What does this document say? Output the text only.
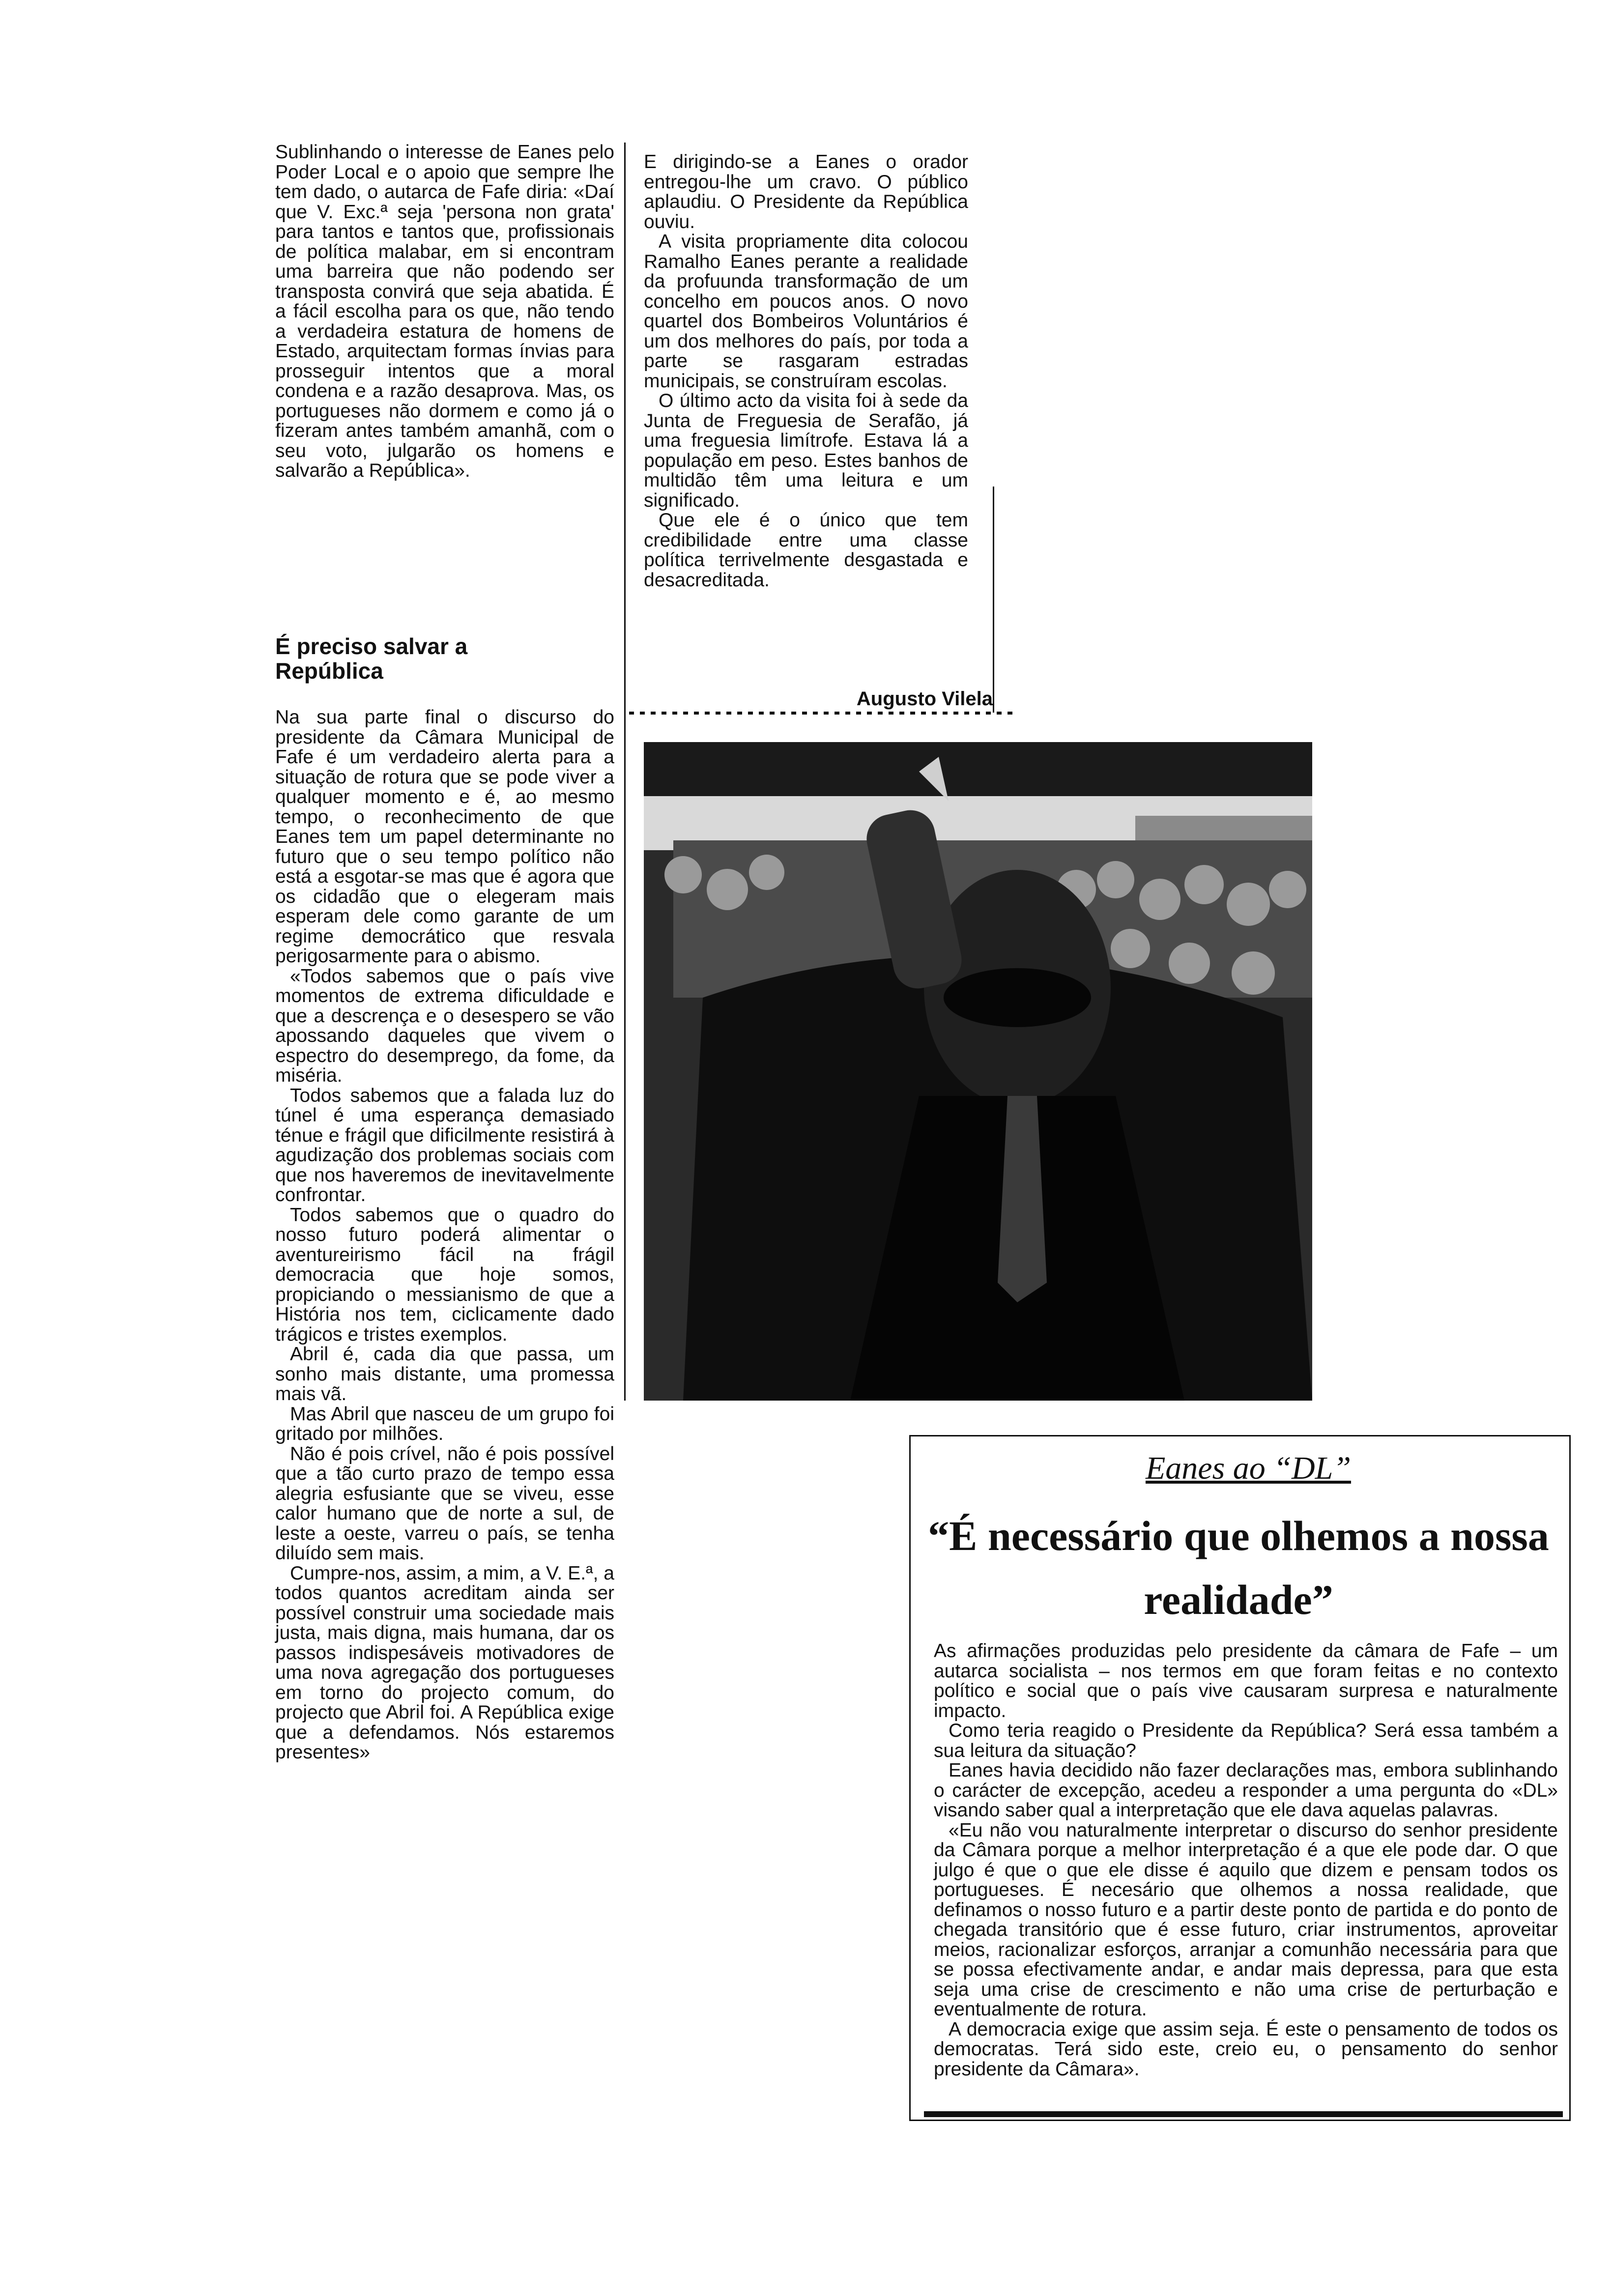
Sublinhando o interesse de Eanes pelo Poder Local e o apoio que sempre lhe tem dado, o autarca de Fafe diria: «Daí que V. Exc.ª seja 'persona non grata' para tantos e tantos que, profissionais de política malabar, em si encontram uma barreira que não podendo ser transposta convirá que seja abatida. É a fácil escolha para os que, não tendo a verdadeira estatura de homens de Estado, arquitectam formas ínvias para prosseguir intentos que a moral condena e a razão desaprova. Mas, os portugueses não dormem e como já o fizeram antes também amanhã, com o seu voto, julgarão os homens e salvarão a República».

É preciso salvar a República

Na sua parte final o discurso do presidente da Câmara Municipal de Fafe é um verdadeiro alerta para a situação de rotura que se pode viver a qualquer momento e é, ao mesmo tempo, o reconhecimento de que Eanes tem um papel determinante no futuro que o seu tempo político não está a esgotar-se mas que é agora que os cidadão que o elegeram mais esperam dele como garante de um regime democrático que resvala perigosarmente para o abismo.

«Todos sabemos que o país vive momentos de extrema dificuldade e que a descrença e o desespero se vão apossando daqueles que vivem o espectro do desemprego, da fome, da miséria.

Todos sabemos que a falada luz do túnel é uma esperança demasiado ténue e frágil que dificilmente resistirá à agudização dos problemas sociais com que nos haveremos de inevitavelmente confrontar.

Todos sabemos que o quadro do nosso futuro poderá alimentar o aventureirismo fácil na frágil democracia que hoje somos, propiciando o messianismo de que a História nos tem, ciclicamente dado trágicos e tristes exemplos.

Abril é, cada dia que passa, um sonho mais distante, uma promessa mais vã.

Mas Abril que nasceu de um grupo foi gritado por milhões.

Não é pois crível, não é pois possível que a tão curto prazo de tempo essa alegria esfusiante que se viveu, esse calor humano que de norte a sul, de leste a oeste, varreu o país, se tenha diluído sem mais.

Cumpre-nos, assim, a mim, a V. E.ª, a todos quantos acreditam ainda ser possível construir uma sociedade mais justa, mais digna, mais humana, dar os passos indispesáveis motivadores de uma nova agregação dos portugueses em torno do projecto comum, do projecto que Abril foi. A República exige que a defendamos. Nós estaremos presentes»

E dirigindo-se a Eanes o orador entregou-lhe um cravo. O público aplaudiu. O Presidente da República ouviu.

A visita propriamente dita colocou Ramalho Eanes perante a realidade da profuunda transformação de um concelho em poucos anos. O novo quartel dos Bombeiros Voluntários é um dos melhores do país, por toda a parte se rasgaram estradas municipais, se construíram escolas.

O último acto da visita foi à sede da Junta de Freguesia de Serafão, já uma freguesia limítrofe. Estava lá a população em peso. Estes banhos de multidão têm uma leitura e um significado.

Que ele é o único que tem credibilidade entre uma classe política terrivelmente desgastada e desacreditada.

Augusto Vilela
Eanes ao “DL”
“É necessário que olhemos a nossa realidade”

As afirmações produzidas pelo presidente da câmara de Fafe – um autarca socialista – nos termos em que foram feitas e no contexto político e social que o país vive causaram surpresa e naturalmente impacto.

Como teria reagido o Presidente da República? Será essa também a sua leitura da situação?

Eanes havia decidido não fazer declarações mas, embora sublinhando o carácter de excepção, acedeu a responder a uma pergunta do «DL» visando saber qual a interpretação que ele dava aquelas palavras.

«Eu não vou naturalmente interpretar o discurso do senhor presidente da Câmara porque a melhor interpretação é a que ele pode dar. O que julgo é que o que ele disse é aquilo que dizem e pensam todos os portugueses. É necesário que olhemos a nossa realidade, que definamos o nosso futuro e a partir deste ponto de partida e do ponto de chegada transitório que é esse futuro, criar instrumentos, aproveitar meios, racionalizar esforços, arranjar a comunhão necessária para que se possa efectivamente andar, e andar mais depressa, para que esta seja uma crise de crescimento e não uma crise de perturbação e eventualmente de rotura.

A democracia exige que assim seja. É este o pensamento de todos os democratas. Terá sido este, creio eu, o pensamento do senhor presidente da Câmara».
